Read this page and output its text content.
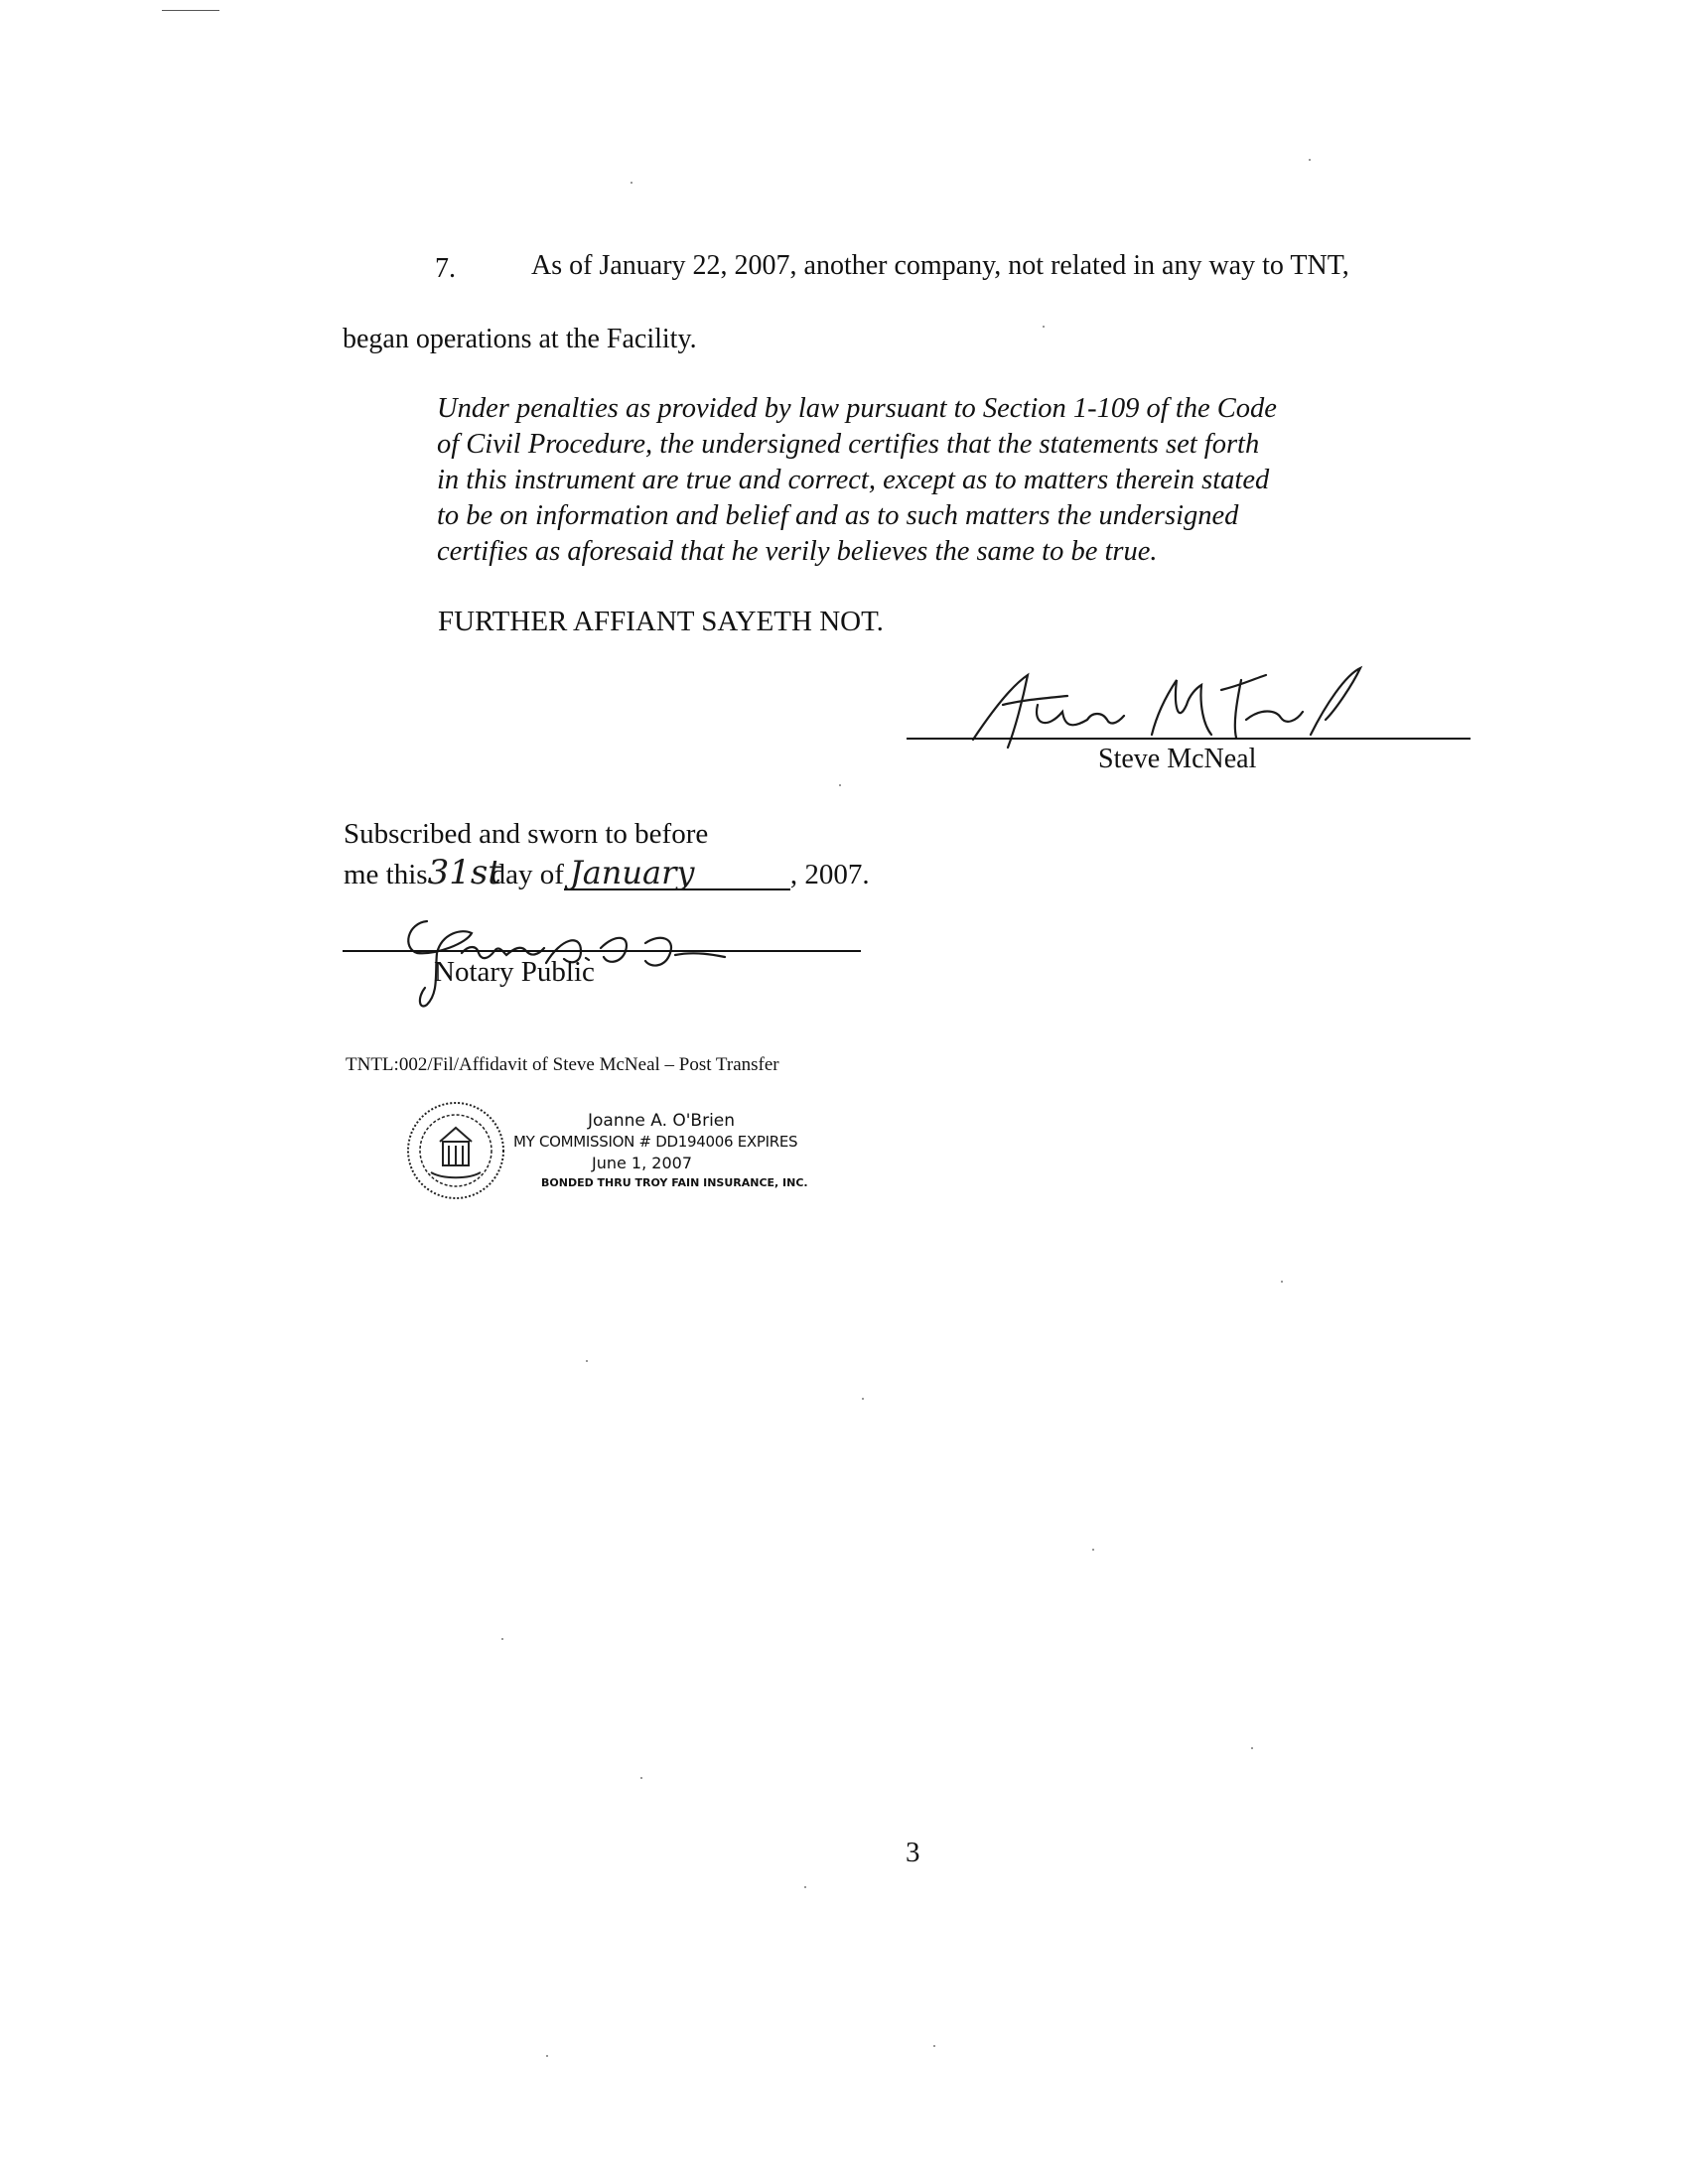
7.	As of January 22, 2007, another company, not related in any way to TNT,
began operations at the Facility.
Under penalties as provided by law pursuant to Section 1-109 of the Code
of Civil Procedure, the undersigned certifies that the statements set forth
in this instrument are true and correct, except as to matters therein stated
to be on information and belief and as to such matters the undersigned
certifies as aforesaid that he verily believes the same to be true.
FURTHER AFFIANT SAYETH NOT.
Steve McNeal
Subscribed and sworn to before
me this31stday of January	, 2007.
Notary Public
TNTL:002/Fil/Affidavit of Steve McNeal – Post Transfer
Joanne A. O'Brien
MY COMMISSION # DD194006 EXPIRES
June 1, 2007
BONDED THRU TROY FAIN INSURANCE, INC.
3
